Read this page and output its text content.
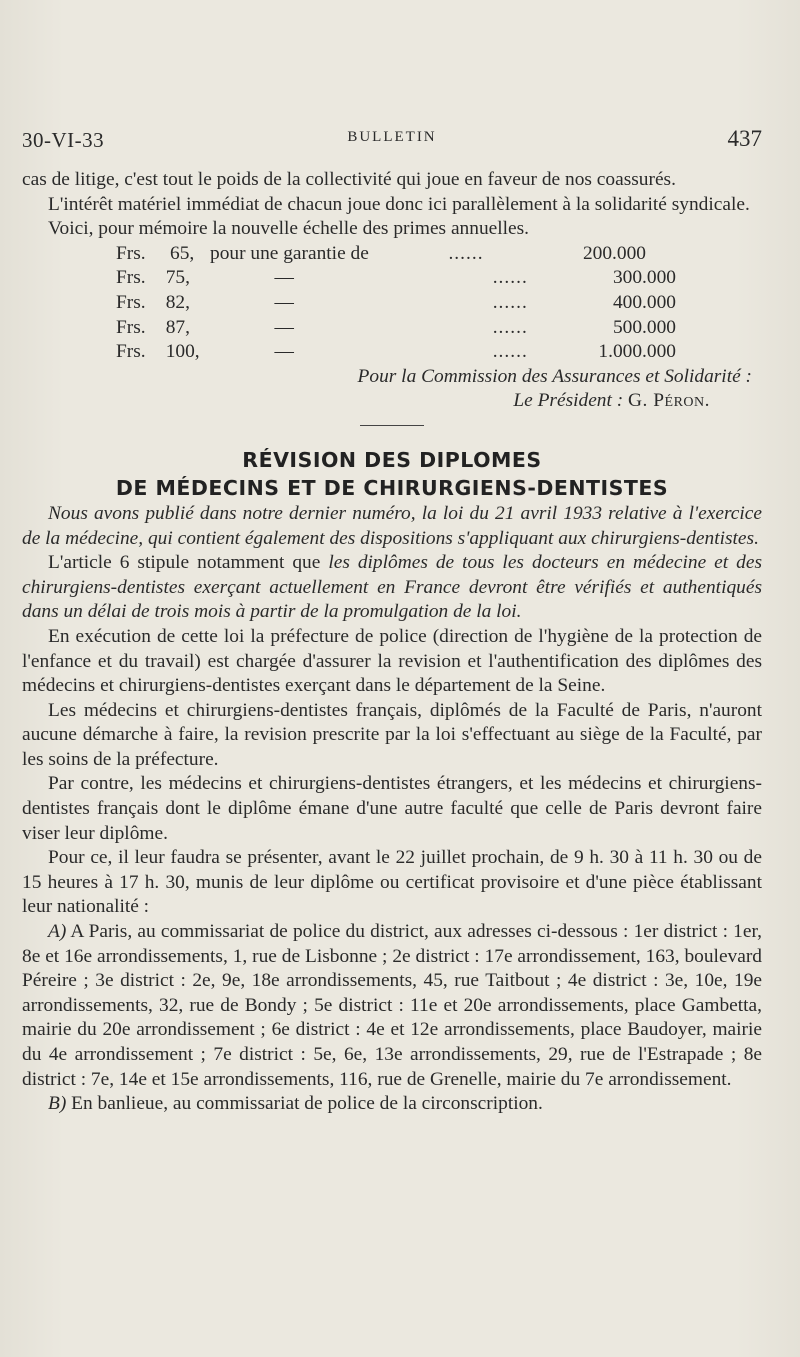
30-VI-33	BULLETIN	437

cas de litige, c'est tout le poids de la collectivité qui joue en faveur de nos coassurés.

L'intérêt matériel immédiat de chacun joue donc ici parallèlement à la solidarité syndicale.

Voici, pour mémoire la nouvelle échelle des primes annuelles.

Frs.	65, pour une garantie de	......	200.000
Frs.	75,	—	......	300.000
Frs.	82,	—	......	400.000
Frs.	87,	—	......	500.000
Frs.	100,	—	......	1.000.000

Pour la Commission des Assurances et Solidarité :

Le Président : G. Péron.

RÉVISION DES DIPLOMES
DE MÉDECINS ET DE CHIRURGIENS-DENTISTES

Nous avons publié dans notre dernier numéro, la loi du 21 avril 1933 relative à l'exercice de la médecine, qui contient également des dispositions s'appliquant aux chirurgiens-dentistes.

L'article 6 stipule notamment que les diplômes de tous les docteurs en médecine et des chirurgiens-dentistes exerçant actuellement en France devront être vérifiés et authentiqués dans un délai de trois mois à partir de la promulgation de la loi.

En exécution de cette loi la préfecture de police (direction de l'hygiène de la protection de l'enfance et du travail) est chargée d'assurer la revision et l'authentification des diplômes des médecins et chirurgiens-dentistes exerçant dans le département de la Seine.

Les médecins et chirurgiens-dentistes français, diplômés de la Faculté de Paris, n'auront aucune démarche à faire, la revision prescrite par la loi s'effectuant au siège de la Faculté, par les soins de la préfecture.

Par contre, les médecins et chirurgiens-dentistes étrangers, et les médecins et chirurgiens-dentistes français dont le diplôme émane d'une autre faculté que celle de Paris devront faire viser leur diplôme.

Pour ce, il leur faudra se présenter, avant le 22 juillet prochain, de 9 h. 30 à 11 h. 30 ou de 15 heures à 17 h. 30, munis de leur diplôme ou certificat provisoire et d'une pièce établissant leur nationalité :

A) A Paris, au commissariat de police du district, aux adresses ci-dessous : 1er district : 1er, 8e et 16e arrondissements, 1, rue de Lisbonne ; 2e district : 17e arrondissement, 163, boulevard Péreire ; 3e district : 2e, 9e, 18e arrondissements, 45, rue Taitbout ; 4e district : 3e, 10e, 19e arrondissements, 32, rue de Bondy ; 5e district : 11e et 20e arrondissements, place Gambetta, mairie du 20e arrondissement ; 6e district : 4e et 12e arrondissements, place Baudoyer, mairie du 4e arrondissement ; 7e district : 5e, 6e, 13e arrondissements, 29, rue de l'Estrapade ; 8e district : 7e, 14e et 15e arrondissements, 116, rue de Grenelle, mairie du 7e arrondissement.

B) En banlieue, au commissariat de police de la circonscription.
